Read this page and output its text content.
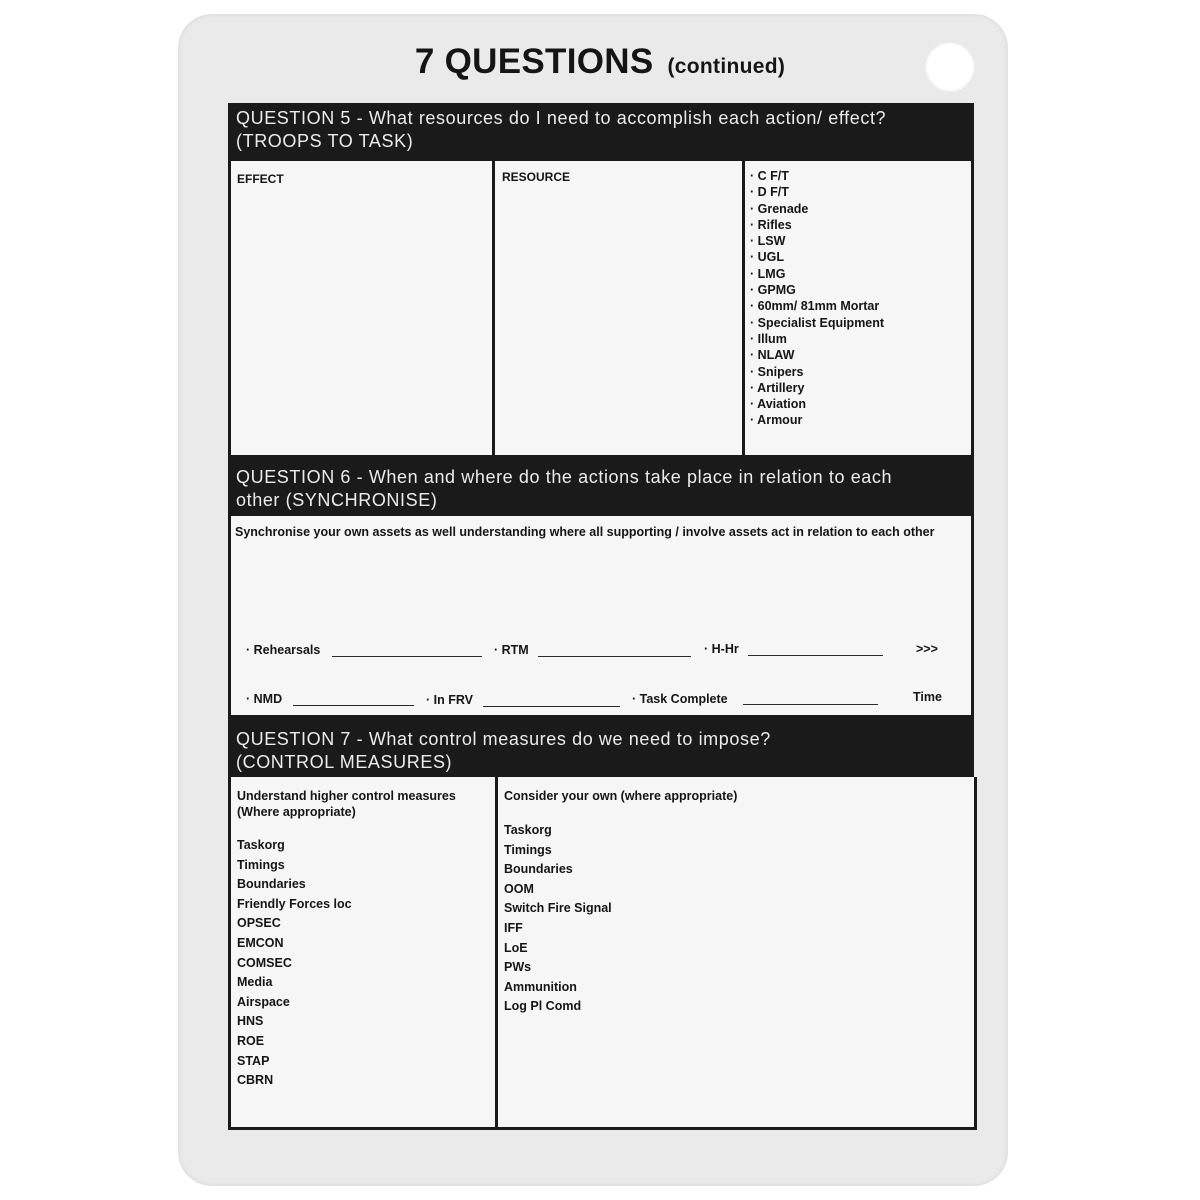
7 QUESTIONS (continued)
QUESTION 5 - What resources do I need to accomplish each action/ effect?
(TROOPS TO TASK)
EFFECT	RESOURCE
·	C F/T
· D F/T
· Grenade
· Rifles
· LSW
· UGL
· LMG
· GPMG
· 60mm/ 81mm Mortar
· Specialist Equipment
· Illum
· NLAW
· Snipers
· Artillery
· Aviation
· Armour
QUESTION 6 - When and where do the actions take place in relation to each
other (SYNCHRONISE)
Synchronise your own assets as well understanding where all supporting / involve assets act in relation to each other
· Rehearsals	· RTM	· H-Hr	>>>
· NMD	· In FRV	· Task Complete	Time
QUESTION 7 - What control measures do we need to impose?
(CONTROL MEASURES)
Understand higher control measures
(Where appropriate)
Taskorg
Timings
Boundaries
Friendly Forces loc
OPSEC
EMCON
COMSEC
Media
Airspace
HNS
ROE
STAP
CBRN
Consider your own (where appropriate)
Taskorg
Timings
Boundaries
OOM
Switch Fire Signal
IFF
LoE
PWs
Ammunition
Log Pl Comd
